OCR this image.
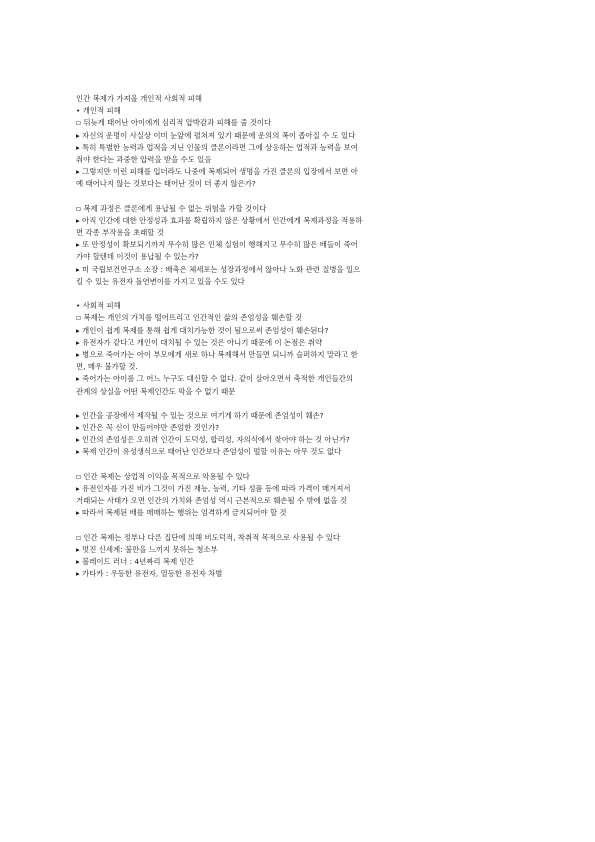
인간 복제가 가져올 개인적 사회적 피해
• 개인적 피해
▫ 뒤늦게 태어난 아이에게 심리적 압박감과 피해를 줄 것이다
▸ 자신의 운명이 사실상 이미 눈앞에 펼쳐져 있기 때문에 운의의 폭이 좁아질 수 도 있다
▸ 특히 특별한 능력과 업적을 지닌 인물의 클론이라면 그에 상응하는 업적과 능력을 보여
줘야 한다는 과중한 압력을 받을 수도 있음
▸ 그렇지만 이런 피해를 입더라도 나중에 복제되어 생명을 가진 클론의 입장에서 보면 아
예 태어나지 않는 것보다는 태어난 것이 더 좋지 않은가?
▫ 복제 과정은 클론에게 용납될 수 없는 위험을 가할 것이다
▸ 아직 인간에 대한 안정성과 효과를 확립하지 않은 상황에서 인간에게 복제과정을 적용하
면 각종 부작용을 초래할 것
▸ 또 안정성이 확보되기까지 무수히 많은 인체 실험이 행해지고 무수히 많은 배들이 죽어
가야 할텐데 이것이 용납될 수 있는가?
▸ 미 국립보건연구소 소장 : 배축은 체세포는 성장과정에서 않아나 노화 관련 질병을 일으
킬 수 있는 유전자 돌연변이를 가지고 있을 수도 있다
• 사회적 피해
▫ 복제는 개인의 가치를 떨어뜨리고 인간적인 삶의 존엄성을 훼손할 것
▸ 개인이 쉽게 복제를 통해 쉽게 대치가능한 것이 됨으로써 존엄성이 훼손된다?
▸ 유전자가 같다고 개인이 대치될 수 있는 것은 아니기 때문에 이 논점은 취약
▸ 병으로 죽어가는 아이 부모에게 새로 하나 복제해서 만들면 되니까 슬퍼하지 말라고 한
면, 매우 불가할 것.
▸ 죽어가는 아이를 그 어느 누구도 대신할 수 없다. 같이 살아오면서 축적한 개인들간의
관계의 상실을 어떤 복제인간도 막을 수 없기 때문
▸ 인간을 공장에서 제작될 수 있는 것으로 여기게 하기 때문에 존엄성이 훼손?
▸ 인간은 꼭 신이 만들어야만 존엄한 것인가?
▸ 인간의 존엄성은 오히려 인간이 도덕성, 합리성, 자의식에서 찾아야 하는 것 아닌가?
▸ 복제 인간이 유성생식으로 태어난 인간보다 존엄성이 떨할 이유는 아무 것도 없다
▫ 인간 복제는 상업적 이익을 목적으로 악용될 수 있다
▸ 유전인자를 가진 비가 그것이 가진 재능, 능력, 기타 성품 등에 따라 가격이 매겨져서
거래되는 사태가 오면 인간의 가치와 존엄성 역시 근본적으로 훼손될 수 밖에 없을 것
▸ 따라서 복제된 배를 매매하는 행위는 엄격하게 금지되어야 할 것
▫ 인간 복제는 정부나 다른 집단에 의해 비도덕적, 착취적 목적으로 사용될 수 있다
▸ 멋진 신세계: 불만을 느끼지 못하는 청소부
▸ 블레이드 러너 : 4년짜리 복제 인간
▸ 가타카 : 우등한 유전자, 열등한 유전자 차별
